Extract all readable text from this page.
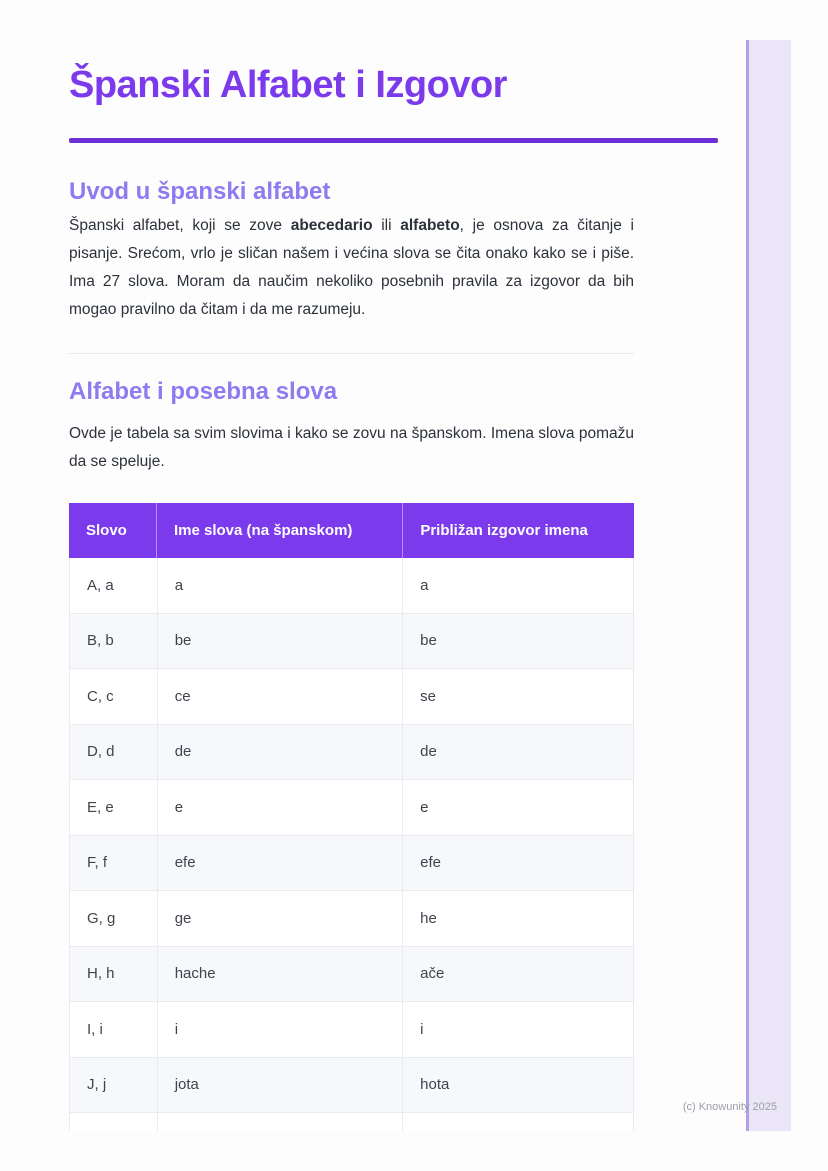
Španski Alfabet i Izgovor
Uvod u španski alfabet

Španski alfabet, koji se zove abecedario ili alfabeto, je osnova za čitanje i pisanje. Srećom, vrlo je sličan našem i većina slova se čita onako kako se i piše. Ima 27 slova. Moram da naučim nekoliko posebnih pravila za izgovor da bih mogao pravilno da čitam i da me razumeju.

Alfabet i posebna slova

Ovde je tabela sa svim slovima i kako se zovu na španskom. Imena slova pomažu da se speluje.

Slovo	Ime slova (na španskom)	Približan izgovor imena
A, a	a	a
B, b	be	be
C, c	ce	se
D, d	de	de
E, e	e	e
F, f	efe	efe
G, g	ge	he
H, h	hache	ače
I, i	i	i
J, j	jota	hota
(c) Knowunity 2025
